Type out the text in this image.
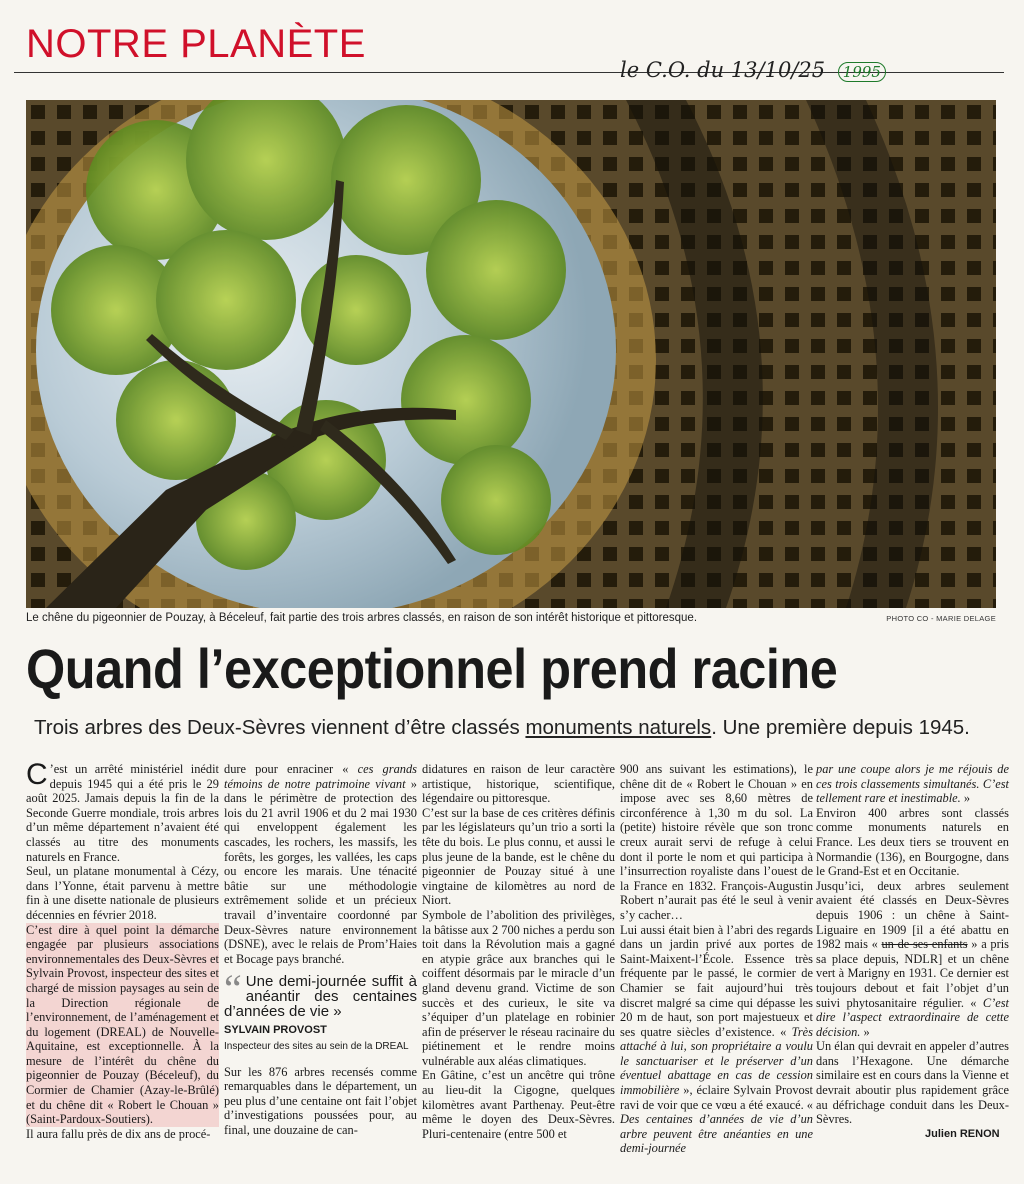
NOTRE PLANÈTE
le C.O. du 13/10/25 1995
Le chêne du pigeonnier de Pouzay, à Béceleuf, fait partie des trois arbres classés, en raison de son intérêt historique et pittoresque.	PHOTO CO - MARIE DELAGE
Quand l’exceptionnel prend racine
Trois arbres des Deux-Sèvres viennent d’être classés monuments naturels. Une première depuis 1945.

C ’est un arrêté ministériel inédit depuis 1945 qui a été pris le 29 août 2025. Jamais depuis la fin de la Seconde Guerre mondiale, trois arbres d’un même département n’avaient été classés au titre des monuments naturels en France.

Seul, un platane monumental à Cézy, dans l’Yonne, était parvenu à mettre fin à une disette nationale de plusieurs décennies en février 2018.

C’est dire à quel point la démarche engagée par plusieurs associations environnementales des Deux-Sèvres et Sylvain Provost, inspecteur des sites et chargé de mission paysages au sein de la Direction régionale de l’environnement, de l’aménagement et du logement (DREAL) de Nouvelle-Aquitaine, est exceptionnelle. À la mesure de l’intérêt du chêne du pigeonnier de Pouzay (Béceleuf), du Cormier de Chamier (Azay-le-Brûlé) et du chêne dit « Robert le Chouan » (Saint-Pardoux-Soutiers).

Il aura fallu près de dix ans de procé-

dure pour enraciner « ces grands témoins de notre patrimoine vivant » dans le périmètre de protection des lois du 21 avril 1906 et du 2 mai 1930 qui enveloppent également les cascades, les rochers, les massifs, les forêts, les gorges, les vallées, les caps ou encore les marais. Une ténacité bâtie sur une méthodologie extrêmement solide et un précieux travail d’inventaire coordonné par Deux-Sèvres nature environnement (DSNE), avec le relais de Prom’Haies et Bocage pays branché.

“ Une demi-journée suffit à anéantir des centaines d’années de vie »
SYLVAIN PROVOST
Inspecteur des sites au sein de la DREAL

Sur les 876 arbres recensés comme remarquables dans le département, un peu plus d’une centaine ont fait l’objet d’investigations poussées pour, au final, une douzaine de can-

didatures en raison de leur caractère artistique, historique, scientifique, légendaire ou pittoresque.

C’est sur la base de ces critères définis par les législateurs qu’un trio a sorti la tête du bois. Le plus connu, et aussi le plus jeune de la bande, est le chêne du pigeonnier de Pouzay situé à une vingtaine de kilomètres au nord de Niort.

Symbole de l’abolition des privilèges, la bâtisse aux 2 700 niches a perdu son toit dans la Révolution mais a gagné en atypie grâce aux branches qui le coiffent désormais par le miracle d’un gland devenu grand. Victime de son succès et des curieux, le site va s’équiper d’un platelage en robinier afin de préserver le réseau racinaire du piétinement et le rendre moins vulnérable aux aléas climatiques.

En Gâtine, c’est un ancêtre qui trône au lieu-dit la Cigogne, quelques kilomètres avant Parthenay. Peut-être même le doyen des Deux-Sèvres. Pluri-centenaire (entre 500 et

900 ans suivant les estimations), le chêne dit de « Robert le Chouan » en impose avec ses 8,60 mètres de circonférence à 1,30 m du sol. La (petite) histoire révèle que son tronc creux aurait servi de refuge à celui dont il porte le nom et qui participa à l’insurrection royaliste dans l’ouest de la France en 1832. François-Augustin Robert n’aurait pas été le seul à venir s’y cacher…

Lui aussi était bien à l’abri des regards dans un jardin privé aux portes de Saint-Maixent-l’École. Essence très fréquente par le passé, le cormier de Chamier se fait aujourd’hui très discret malgré sa cime qui dépasse les 20 m de haut, son port majestueux et ses quatre siècles d’existence. « Très attaché à lui, son propriétaire a voulu le sanctuariser et le préserver d’un éventuel abattage en cas de cession immobilière », éclaire Sylvain Provost ravi de voir que ce vœu a été exaucé. « Des centaines d’années de vie d’un arbre peuvent être anéanties en une demi-journée

par une coupe alors je me réjouis de ces trois classements simultanés. C’est tellement rare et inestimable. »

Environ 400 arbres sont classés comme monuments naturels en France. Les deux tiers se trouvent en Normandie (136), en Bourgogne, dans le Grand-Est et en Occitanie.

Jusqu’ici, deux arbres seulement avaient été classés en Deux-Sèvres depuis 1906 : un chêne à Saint-Liguaire en 1909 [il a été abattu en 1982 mais « un de ses enfants » a pris sa place depuis, NDLR] et un chêne vert à Marigny en 1931. Ce dernier est toujours debout et fait l’objet d’un suivi phytosanitaire régulier. « C’est dire l’aspect extraordinaire de cette décision. »

Un élan qui devrait en appeler d’autres dans l’Hexagone. Une démarche similaire est en cours dans la Vienne et devrait aboutir plus rapidement grâce au défrichage conduit dans les Deux-Sèvres.

Julien RENON
